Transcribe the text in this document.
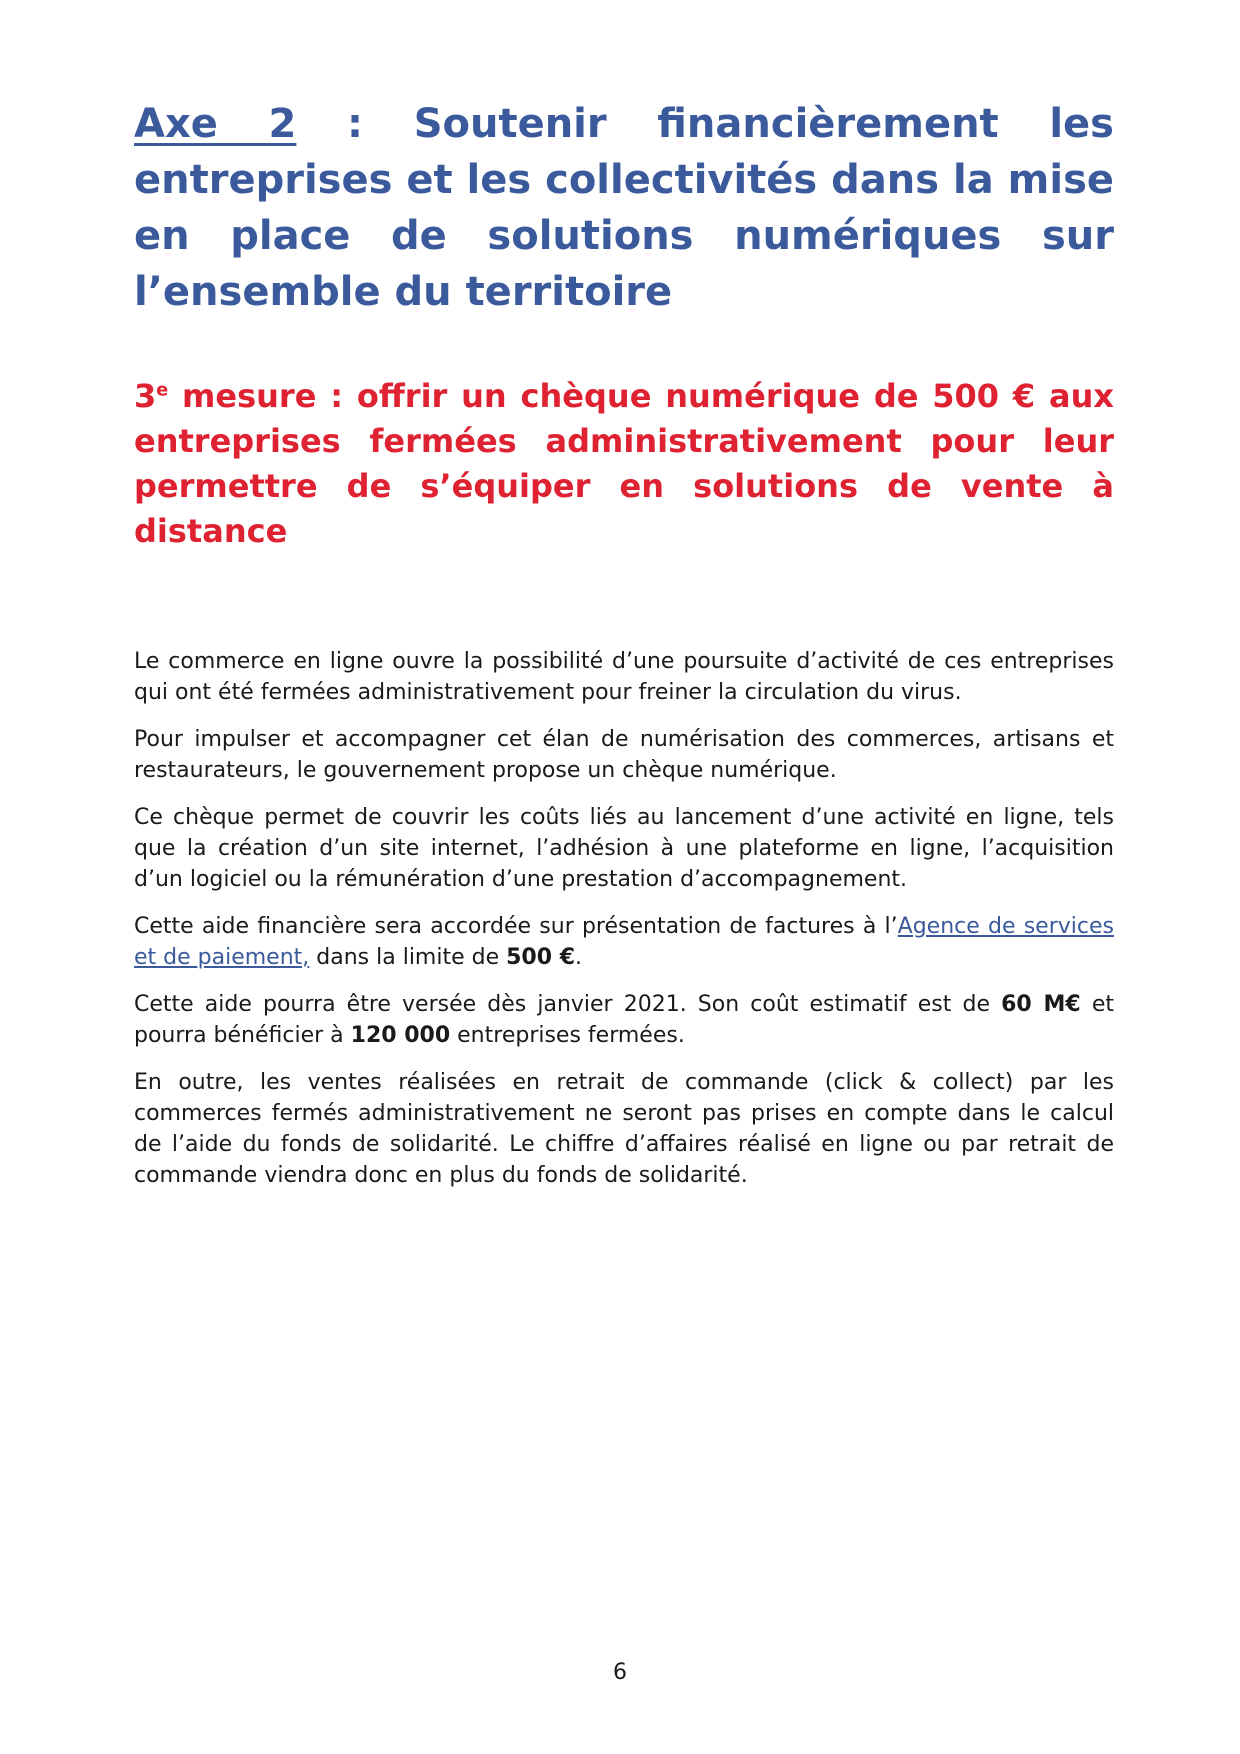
Axe 2 : Soutenir financièrement les entreprises et les collectivités dans la mise en place de solutions numériques sur l’ensemble du territoire
3e mesure : offrir un chèque numérique de 500 € aux entreprises fermées administrativement pour leur permettre de s’équiper en solutions de vente à distance

Le commerce en ligne ouvre la possibilité d’une poursuite d’activité de ces entreprises qui ont été fermées administrativement pour freiner la circulation du virus.

Pour impulser et accompagner cet élan de numérisation des commerces, artisans et restaurateurs, le gouvernement propose un chèque numérique.

Ce chèque permet de couvrir les coûts liés au lancement d’une activité en ligne, tels que la création d’un site internet, l’adhésion à une plateforme en ligne, l’acquisition d’un logiciel ou la rémunération d’une prestation d’accompagnement.

Cette aide financière sera accordée sur présentation de factures à l’Agence de services et de paiement, dans la limite de 500 €.

Cette aide pourra être versée dès janvier 2021. Son coût estimatif est de 60 M€ et pourra bénéficier à 120 000 entreprises fermées.

En outre, les ventes réalisées en retrait de commande (click & collect) par les commerces fermés administrativement ne seront pas prises en compte dans le calcul de l’aide du fonds de solidarité. Le chiffre d’affaires réalisé en ligne ou par retrait de commande viendra donc en plus du fonds de solidarité.

6
